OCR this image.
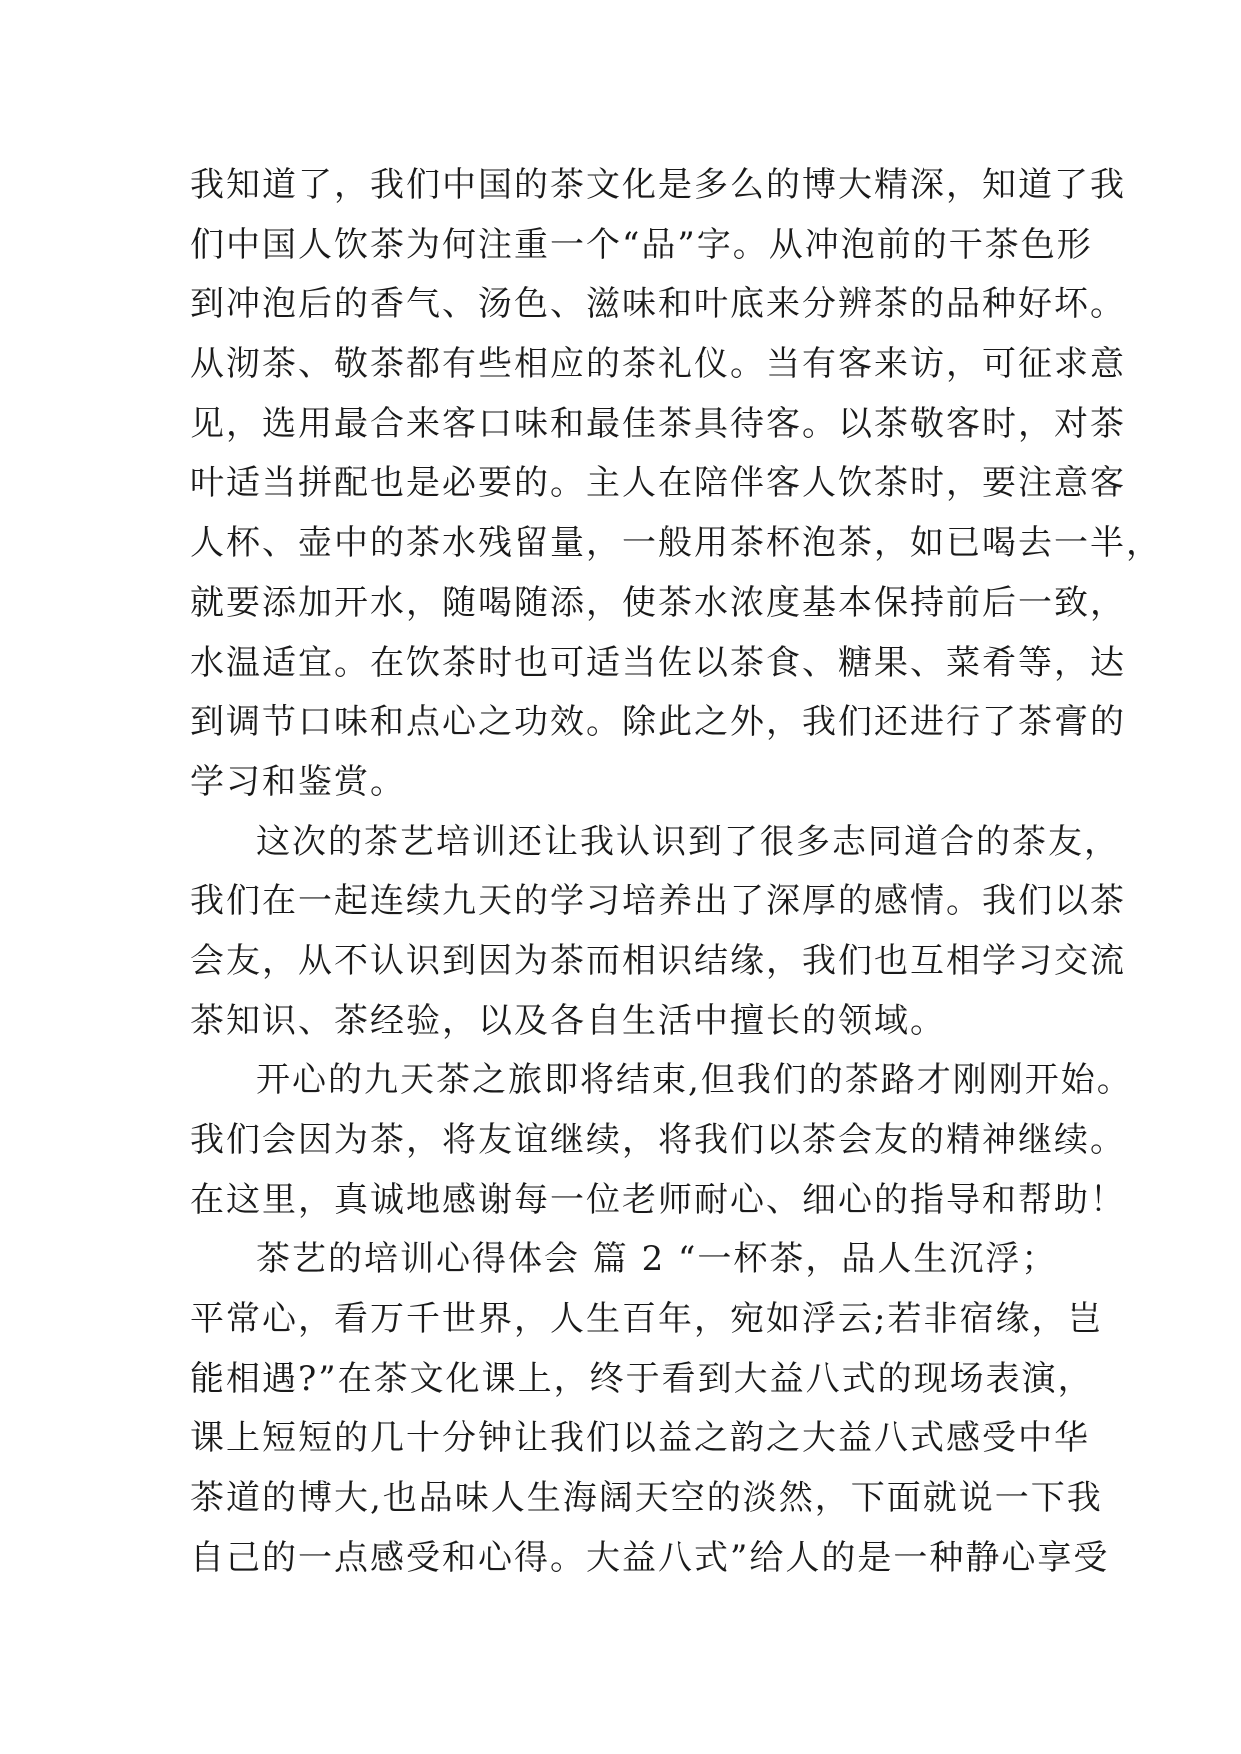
我知道了，我们中国的茶文化是多么的博大精深，知道了我
们中国人饮茶为何注重一个“品”字。从冲泡前的干茶色形
到冲泡后的香气、汤色、滋味和叶底来分辨茶的品种好坏。
从沏茶、敬茶都有些相应的茶礼仪。当有客来访，可征求意
见，选用最合来客口味和最佳茶具待客。以茶敬客时，对茶
叶适当拼配也是必要的。主人在陪伴客人饮茶时，要注意客
人杯、壶中的茶水残留量，一般用茶杯泡茶，如已喝去一半，
就要添加开水，随喝随添，使茶水浓度基本保持前后一致，
水温适宜。在饮茶时也可适当佐以茶食、糖果、菜肴等，达
到调节口味和点心之功效。除此之外，我们还进行了茶膏的
学习和鉴赏。
这次的茶艺培训还让我认识到了很多志同道合的茶友，
我们在一起连续九天的学习培养出了深厚的感情。我们以茶
会友，从不认识到因为茶而相识结缘，我们也互相学习交流
茶知识、茶经验，以及各自生活中擅长的领域。
开心的九天茶之旅即将结束,但我们的茶路才刚刚开始。
我们会因为茶，将友谊继续，将我们以茶会友的精神继续。
在这里，真诚地感谢每一位老师耐心、细心的指导和帮助！
茶艺的培训心得体会 篇 2 “一杯茶，品人生沉浮；
平常心，看万千世界，人生百年，宛如浮云;若非宿缘，岂
能相遇?”在茶文化课上，终于看到大益八式的现场表演，
课上短短的几十分钟让我们以益之韵之大益八式感受中华
茶道的博大,也品味人生海阔天空的淡然，下面就说一下我
自己的一点感受和心得。大益八式”给人的是一种静心享受
